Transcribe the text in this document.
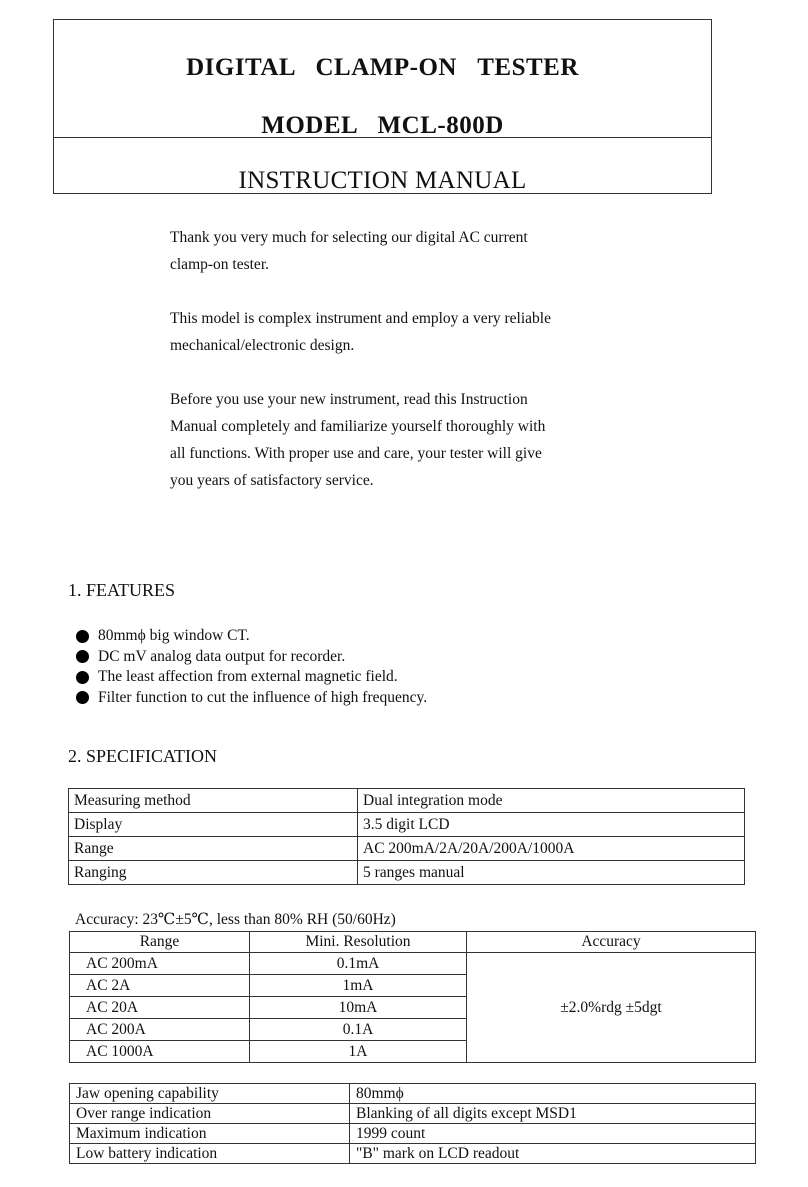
DIGITAL CLAMP-ON TESTER
MODEL MCL-800D
INSTRUCTION MANUAL

Thank you very much for selecting our digital AC current

clamp-on tester.

This model is complex instrument and employ a very reliable

mechanical/electronic design.

Before you use your new instrument, read this Instruction

Manual completely and familiarize yourself thoroughly with

all functions. With proper use and care, your tester will give

you years of satisfactory service.

1. FEATURES
80mmϕ big window CT.
DC mV analog data output for recorder.
The least affection from external magnetic field.
Filter function to cut the influence of high frequency.
2. SPECIFICATION
Measuring method	Dual integration mode
Display	3.5 digit LCD
Range	AC 200mA/2A/20A/200A/1000A
Ranging	5 ranges manual
Accuracy: 23℃±5℃, less than 80% RH (50/60Hz)
Range	Mini. Resolution	Accuracy
AC 200mA	0.1mA	±2.0%rdg ±5dgt
AC 2A	1mA	
AC 20A	10mA	
AC 200A	0.1A	
AC 1000A	1A	
Jaw opening capability	80mmϕ
Over range indication	Blanking of all digits except MSD1
Maximum indication	1999 count
Low battery indication	"B" mark on LCD readout
